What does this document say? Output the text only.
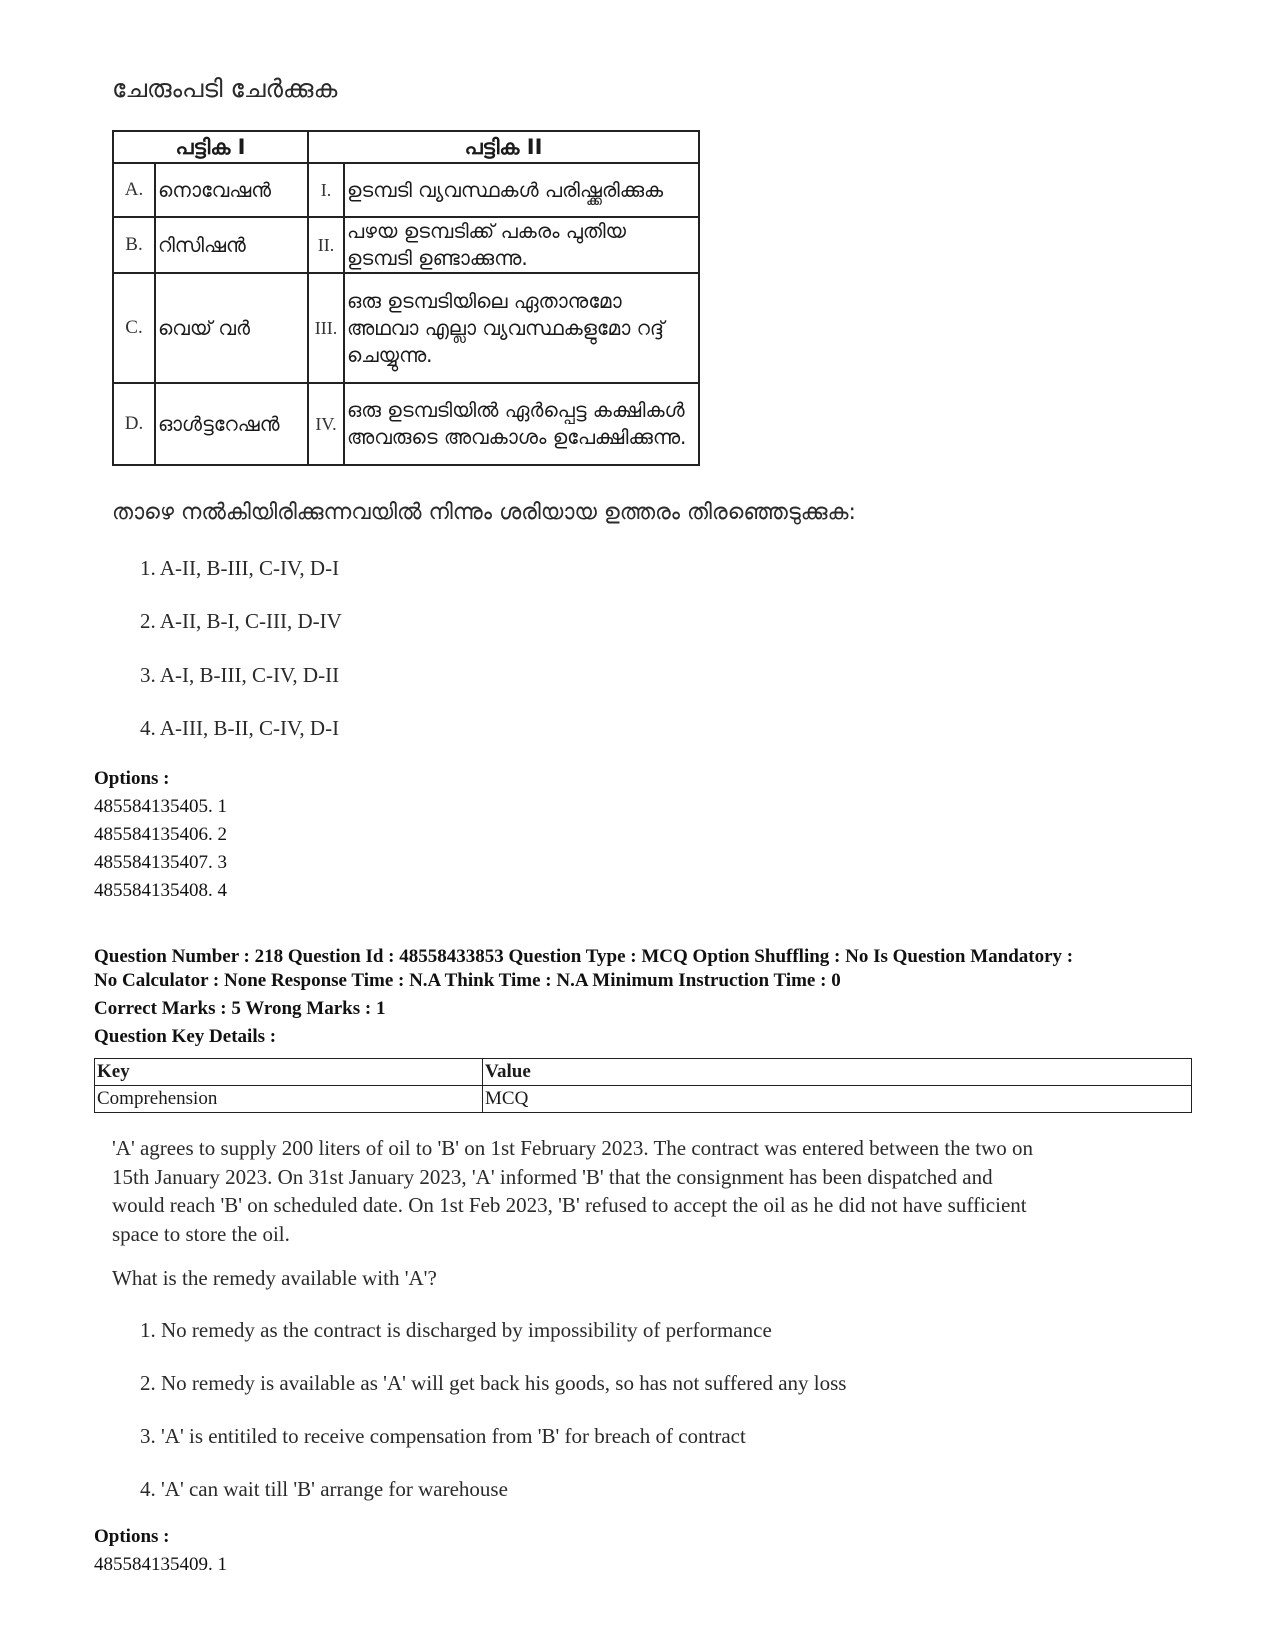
ചേരുംപടി ചേർക്കുക
പട്ടിക I		പട്ടിക II	
A.	നൊവേഷൻ	I.	ഉടമ്പടി വ്യവസ്ഥകൾ പരിഷ്ക്കരിക്കുക
B.	റിസിഷൻ	II.	പഴയ ഉടമ്പടിക്ക് പകരം പുതിയ ഉടമ്പടി ഉണ്ടാക്കുന്നു.
C.	വെയ് വർ	III.	ഒരു ഉടമ്പടിയിലെ ഏതാനുമോ അഥവാ എല്ലാ വ്യവസ്ഥകളുമോ റദ്ദ് ചെയ്യുന്നു.
D.	ഓൾട്ടറേഷൻ	IV.	ഒരു ഉടമ്പടിയിൽ ഏർപ്പെട്ട കക്ഷികൾ അവരുടെ അവകാശം ഉപേക്ഷിക്കുന്നു.
താഴെ നൽകിയിരിക്കുന്നവയിൽ നിന്നും ശരിയായ ഉത്തരം തിരഞ്ഞെടുക്കുക:
1. A-II, B-III, C-IV, D-I
2. A-II, B-I, C-III, D-IV
3. A-I, B-III, C-IV, D-II
4. A-III, B-II, C-IV, D-I
Options :
485584135405. 1
485584135406. 2
485584135407. 3
485584135408. 4
Question Number : 218 Question Id : 48558433853 Question Type : MCQ Option Shuffling : No Is Question Mandatory :
No Calculator : None Response Time : N.A Think Time : N.A Minimum Instruction Time : 0
Correct Marks : 5 Wrong Marks : 1
Question Key Details :
Key	Value
Comprehension	MCQ
'A' agrees to supply 200 liters of oil to 'B' on 1st February 2023. The contract was entered between the two on
15th January 2023. On 31st January 2023, 'A' informed 'B' that the consignment has been dispatched and
would reach 'B' on scheduled date. On 1st Feb 2023, 'B' refused to accept the oil as he did not have sufficient
space to store the oil.
What is the remedy available with 'A'?
1. No remedy as the contract is discharged by impossibility of performance
2. No remedy is available as 'A' will get back his goods, so has not suffered any loss
3. 'A' is entitiled to receive compensation from 'B' for breach of contract
4. 'A' can wait till 'B' arrange for warehouse
Options :
485584135409. 1
